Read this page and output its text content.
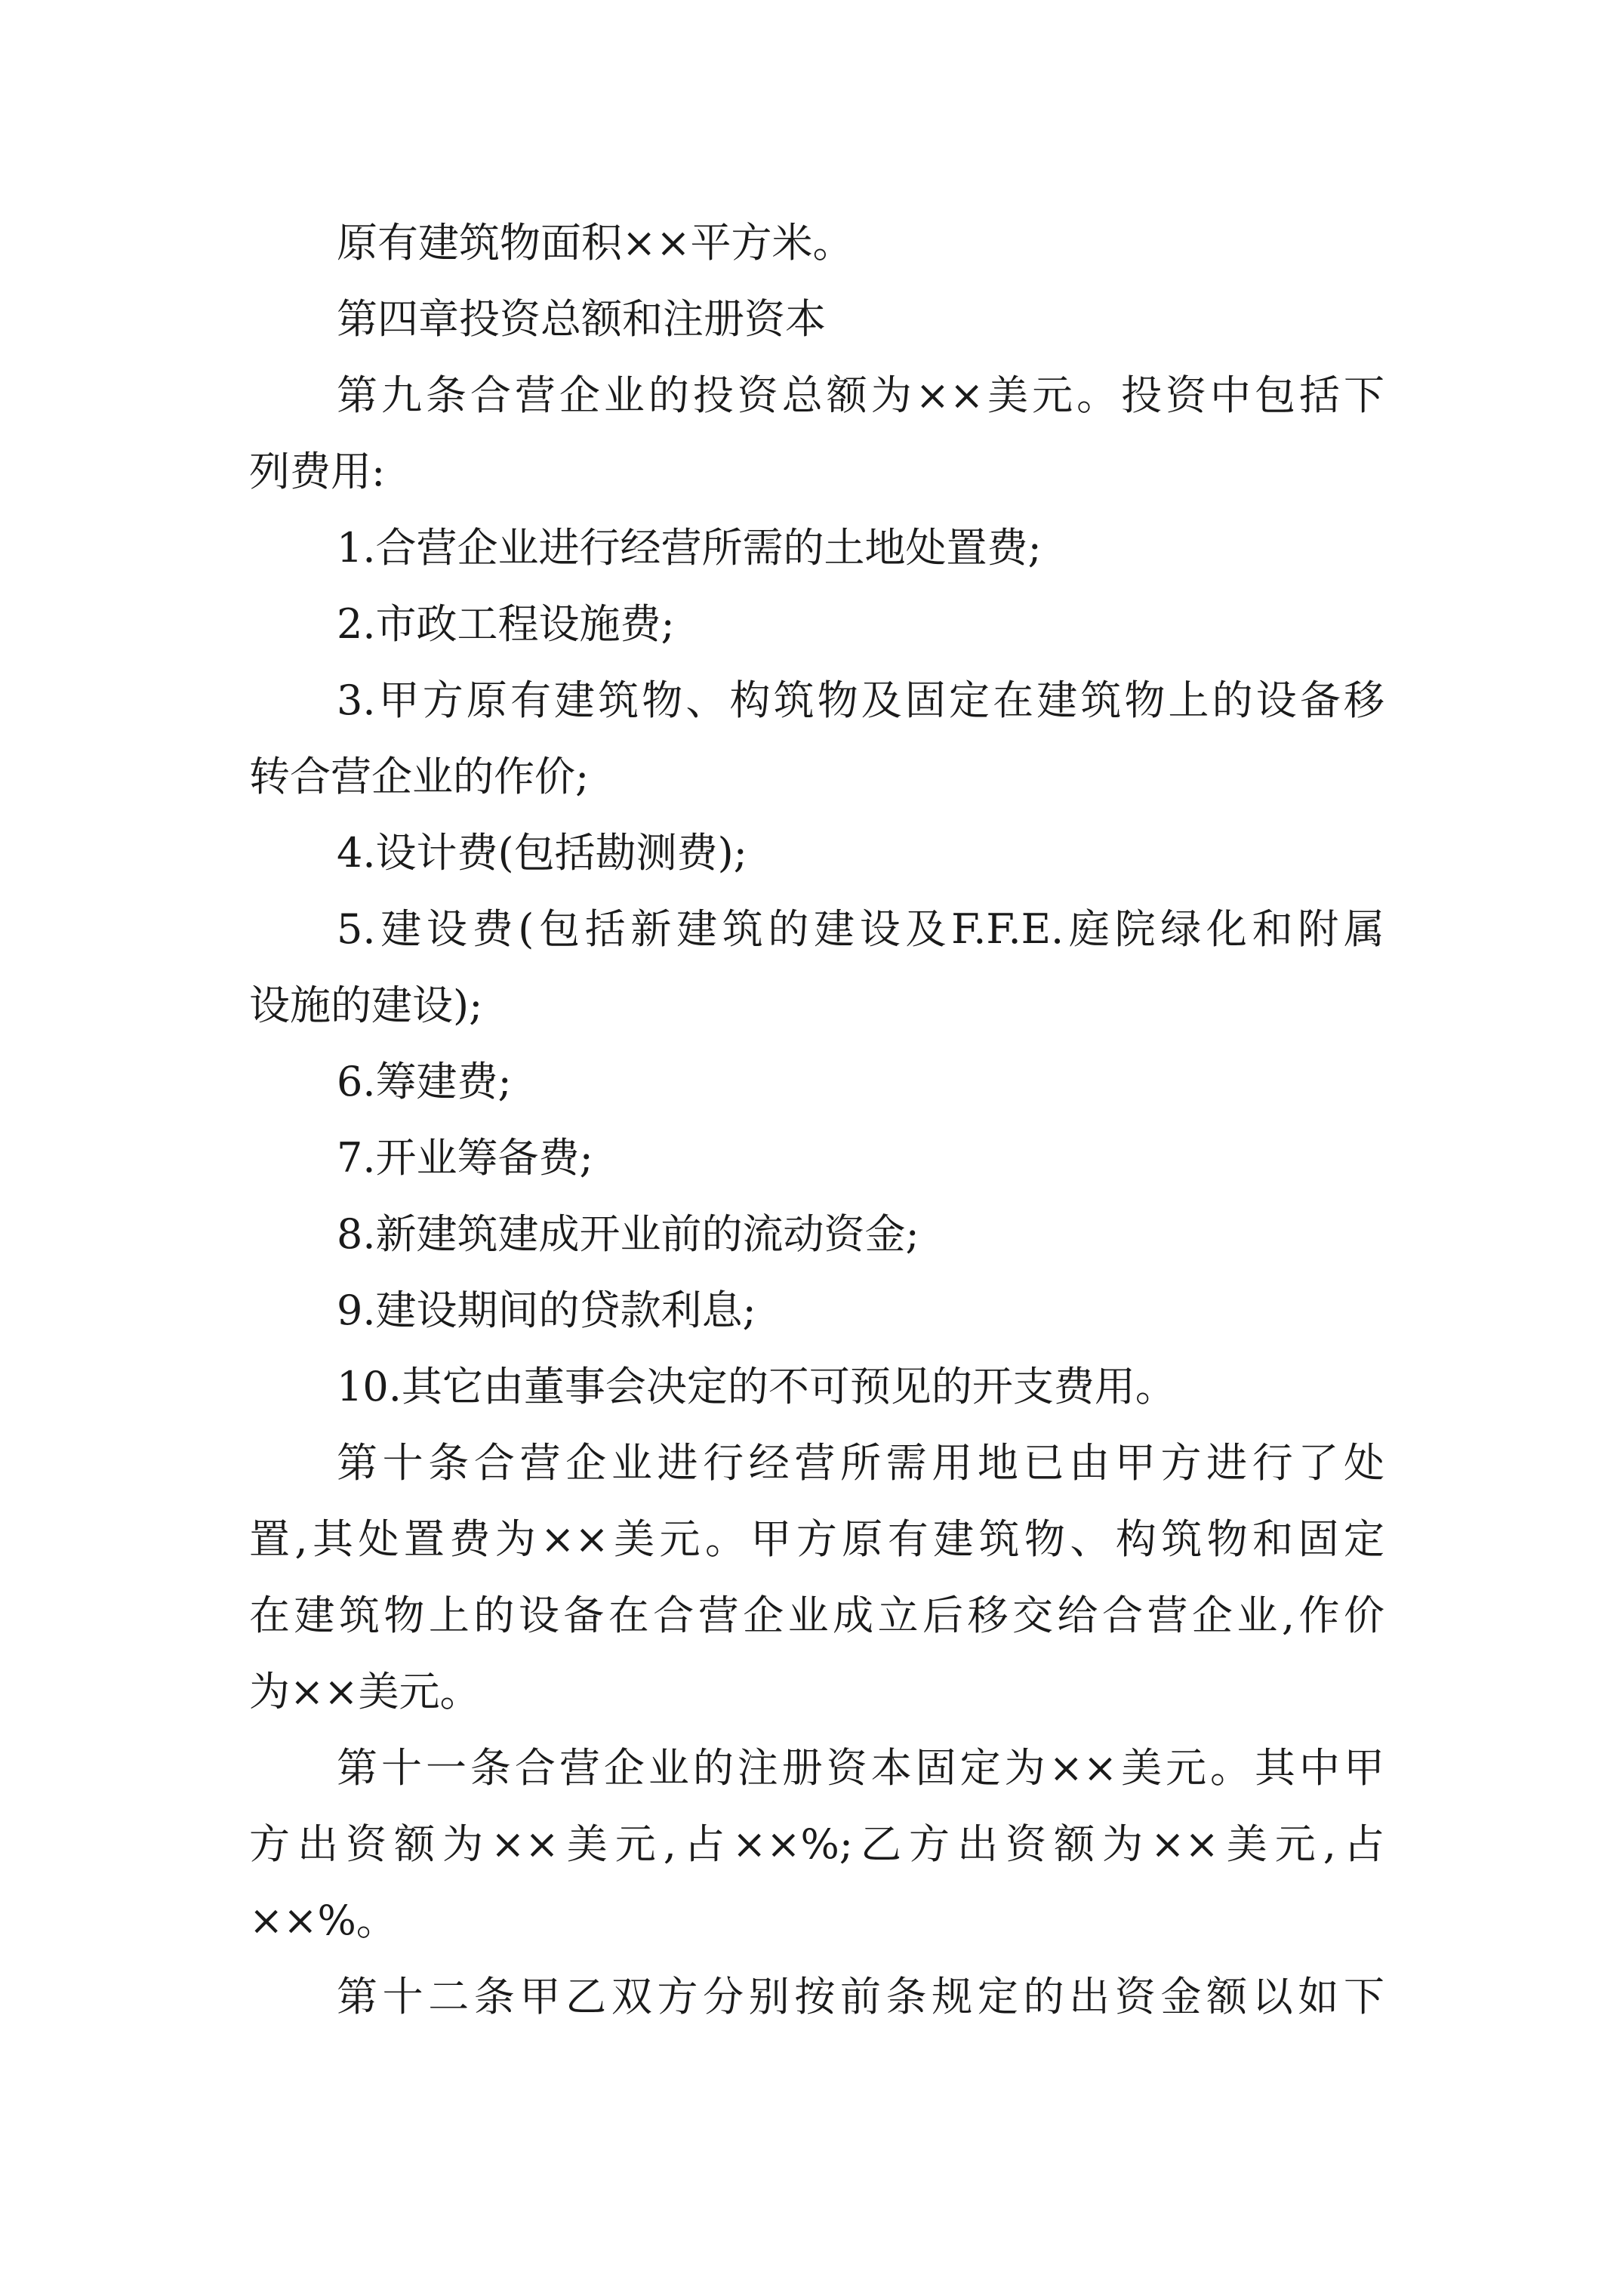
原有建筑物面积××平方米。
第四章投资总额和注册资本
第九条合营企业的投资总额为××美元。投资中包括下
列费用:
1.合营企业进行经营所需的土地处置费;
2.市政工程设施费;
3.甲方原有建筑物、构筑物及固定在建筑物上的设备移
转合营企业的作价;
4.设计费(包括勘测费);
5.建设费(包括新建筑的建设及F.F.E.庭院绿化和附属
设施的建设);
6.筹建费;
7.开业筹备费;
8.新建筑建成开业前的流动资金;
9.建设期间的贷款利息;
10.其它由董事会决定的不可预见的开支费用。
第十条合营企业进行经营所需用地已由甲方进行了处
置,其处置费为××美元。甲方原有建筑物、构筑物和固定
在建筑物上的设备在合营企业成立后移交给合营企业,作价
为××美元。
第十一条合营企业的注册资本固定为××美元。其中甲
方出资额为××美元,占××%;乙方出资额为××美元,占
××%。
第十二条甲乙双方分别按前条规定的出资金额以如下
